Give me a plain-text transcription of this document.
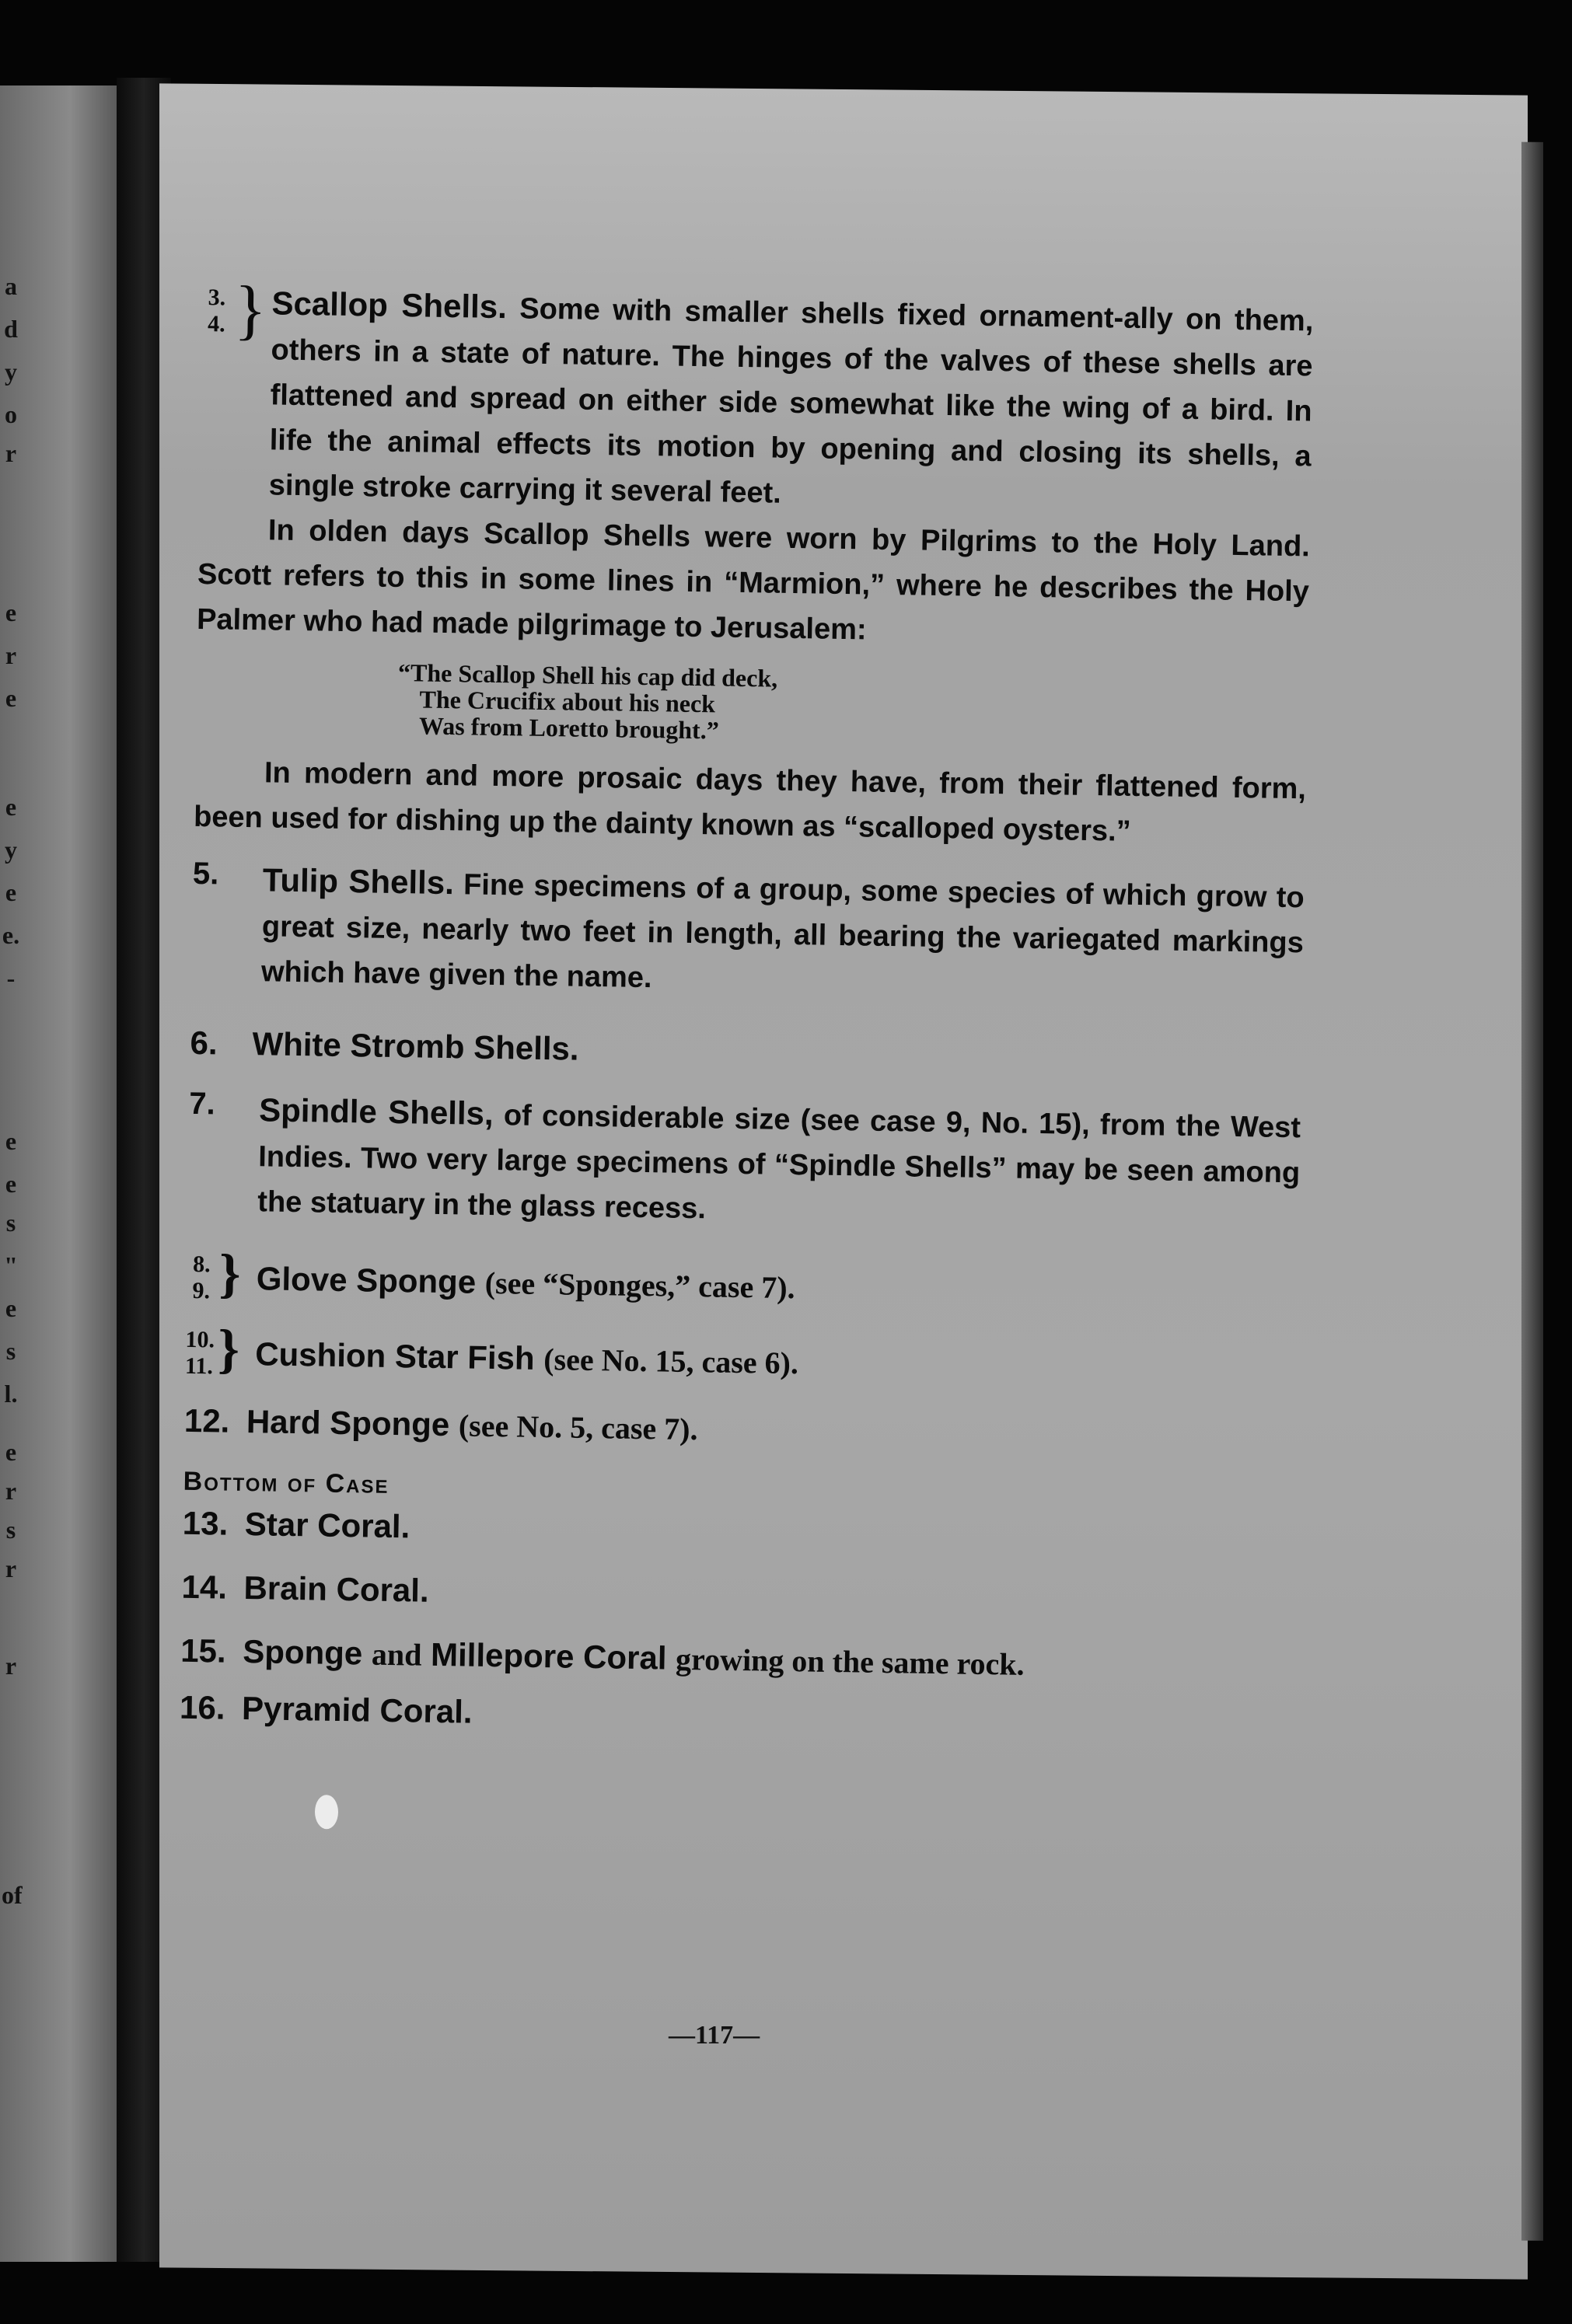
a
d
y
o
r
e
r
e
e
y
e
e.
-
e
e
s
"
e
s
l.
e
r
s
r
r
of
3.
4. } Scallop Shells. Some with smaller shells fixed ornament-ally on them, others in a state of nature. The hinges of the valves of these shells are flattened and spread on either side somewhat like the wing of a bird. In life the animal effects its motion by opening and closing its shells, a single stroke carrying it several feet.

In olden days Scallop Shells were worn by Pilgrims to the Holy Land. Scott refers to this in some lines in “Marmion,” where he describes the Holy Palmer who had made pilgrimage to Jerusalem:

“The Scallop Shell his cap did deck,
The Crucifix about his neck
Was from Loretto brought.”

In modern and more prosaic days they have, from their flattened form, been used for dishing up the dainty known as “scalloped oysters.”

5.	Tulip Shells. Fine specimens of a group, some species of which grow to great size, nearly two feet in length, all bearing the variegated markings which have given the name.

6. White Stromb Shells.
7.	Spindle Shells, of considerable size (see case 9, No. 15), from the West Indies. Two very large specimens of “Spindle Shells” may be seen among the statuary in the glass recess.

8.
9. } Glove Sponge (see “Sponges,” case 7).
10.
11. } Cushion Star Fish (see No. 15, case 6).
12. Hard Sponge (see No. 5, case 7).
Bottom of Case
13. Star Coral.
14. Brain Coral.
15. Sponge and Millepore Coral growing on the same rock.
16. Pyramid Coral.
—117—
